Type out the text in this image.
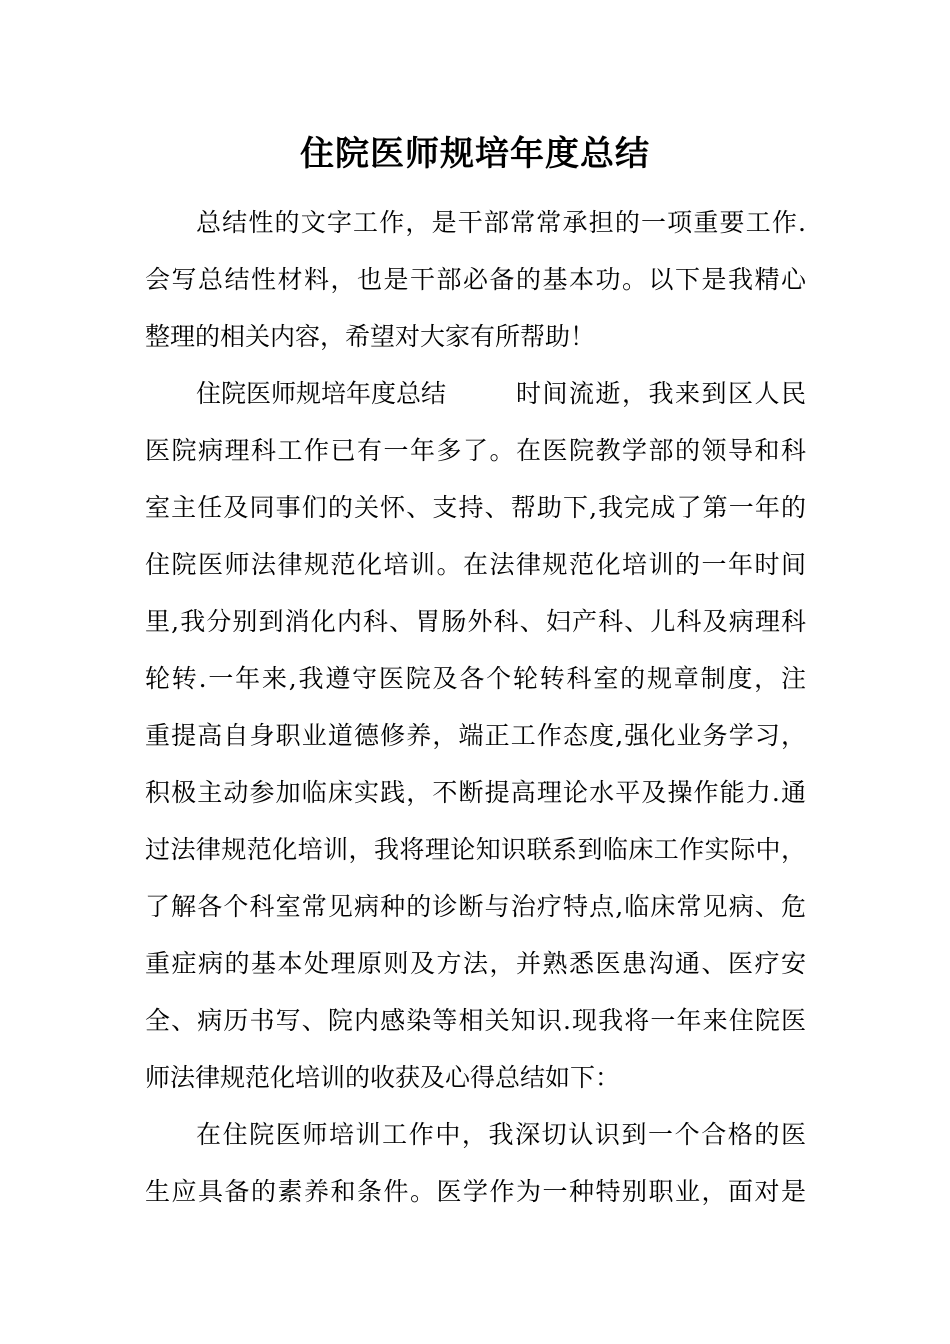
住院医师规培年度总结

总结性的文字工作，是干部常常承担的一项重要工作.

会写总结性材料，也是干部必备的基本功。以下是我精心

整理的相关内容，希望对大家有所帮助！

住院医师规培年度总结	时间流逝，我来到区人民

医院病理科工作已有一年多了。在医院教学部的领导和科

室主任及同事们的关怀、支持、帮助下,我完成了第一年的

住院医师法律规范化培训。在法律规范化培训的一年时间

里,我分别到消化内科、胃肠外科、妇产科、儿科及病理科

轮转.一年来,我遵守医院及各个轮转科室的规章制度，注

重提高自身职业道德修养，端正工作态度,强化业务学习，

积极主动参加临床实践，不断提高理论水平及操作能力.通

过法律规范化培训，我将理论知识联系到临床工作实际中，

了解各个科室常见病种的诊断与治疗特点,临床常见病、危

重症病的基本处理原则及方法，并熟悉医患沟通、医疗安

全、病历书写、院内感染等相关知识.现我将一年来住院医

师法律规范化培训的收获及心得总结如下：

在住院医师培训工作中，我深切认识到一个合格的医

生应具备的素养和条件。医学作为一种特别职业，面对是
